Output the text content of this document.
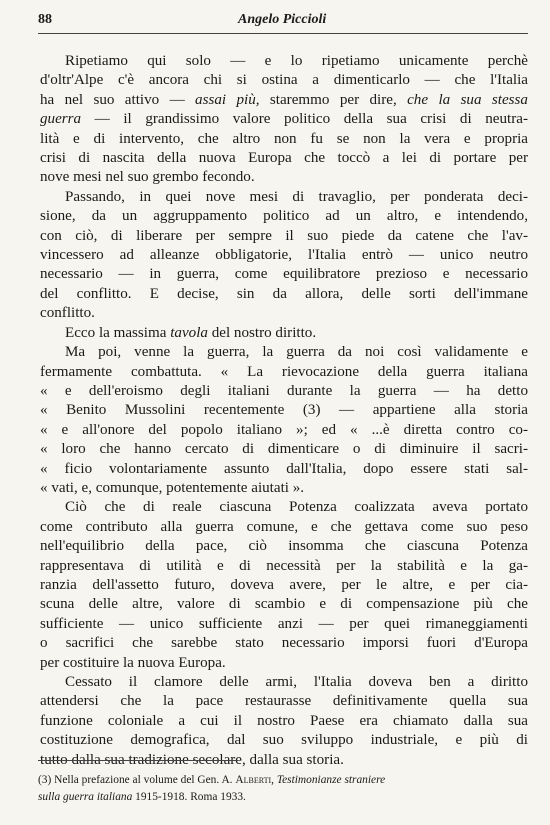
88	Angelo Piccioli
Ripetiamo qui solo — e lo ripetiamo unicamente perchè
d'oltr'Alpe c'è ancora chi si ostina a dimenticarlo — che l'Italia
ha nel suo attivo — assai più, staremmo per dire, che la sua stessa
guerra — il grandissimo valore politico della sua crisi di neutra-
lità e di intervento, che altro non fu se non la vera e propria
crisi di nascita della nuova Europa che toccò a lei di portare per
nove mesi nel suo grembo fecondo.
Passando, in quei nove mesi di travaglio, per ponderata deci-
sione, da un aggruppamento politico ad un altro, e intendendo,
con ciò, di liberare per sempre il suo piede da catene che l'av-
vincessero ad alleanze obbligatorie, l'Italia entrò — unico neutro
necessario — in guerra, come equilibratore prezioso e necessario
del conflitto. E decise, sin da allora, delle sorti dell'immane
conflitto.
Ecco la massima tavola del nostro diritto.
Ma poi, venne la guerra, la guerra da noi così validamente e
fermamente combattuta. « La rievocazione della guerra italiana
« e dell'eroismo degli italiani durante la guerra — ha detto
« Benito Mussolini recentemente (3) — appartiene alla storia
« e all'onore del popolo italiano »; ed « ...è diretta contro co-
« loro che hanno cercato di dimenticare o di diminuire il sacri-
« ficio volontariamente assunto dall'Italia, dopo essere stati sal-
« vati, e, comunque, potentemente aiutati ».
Ciò che di reale ciascuna Potenza coalizzata aveva portato
come contributo alla guerra comune, e che gettava come suo peso
nell'equilibrio della pace, ciò insomma che ciascuna Potenza
rappresentava di utilità e di necessità per la stabilità e la ga-
ranzia dell'assetto futuro, doveva avere, per le altre, e per cia-
scuna delle altre, valore di scambio e di compensazione più che
sufficiente — unico sufficiente anzi — per quei rimaneggiamenti
o sacrifici che sarebbe stato necessario imporsi fuori d'Europa
per costituire la nuova Europa.
Cessato il clamore delle armi, l'Italia doveva ben a diritto
attendersi che la pace restaurasse definitivamente quella sua
funzione coloniale a cui il nostro Paese era chiamato dalla sua
costituzione demografica, dal suo sviluppo industriale, e più di
tutto dalla sua tradizione secolare, dalla sua storia.
(3) Nella prefazione al volume del Gen. A. Alberti, Testimonianze straniere
sulla guerra italiana 1915-1918. Roma 1933.
